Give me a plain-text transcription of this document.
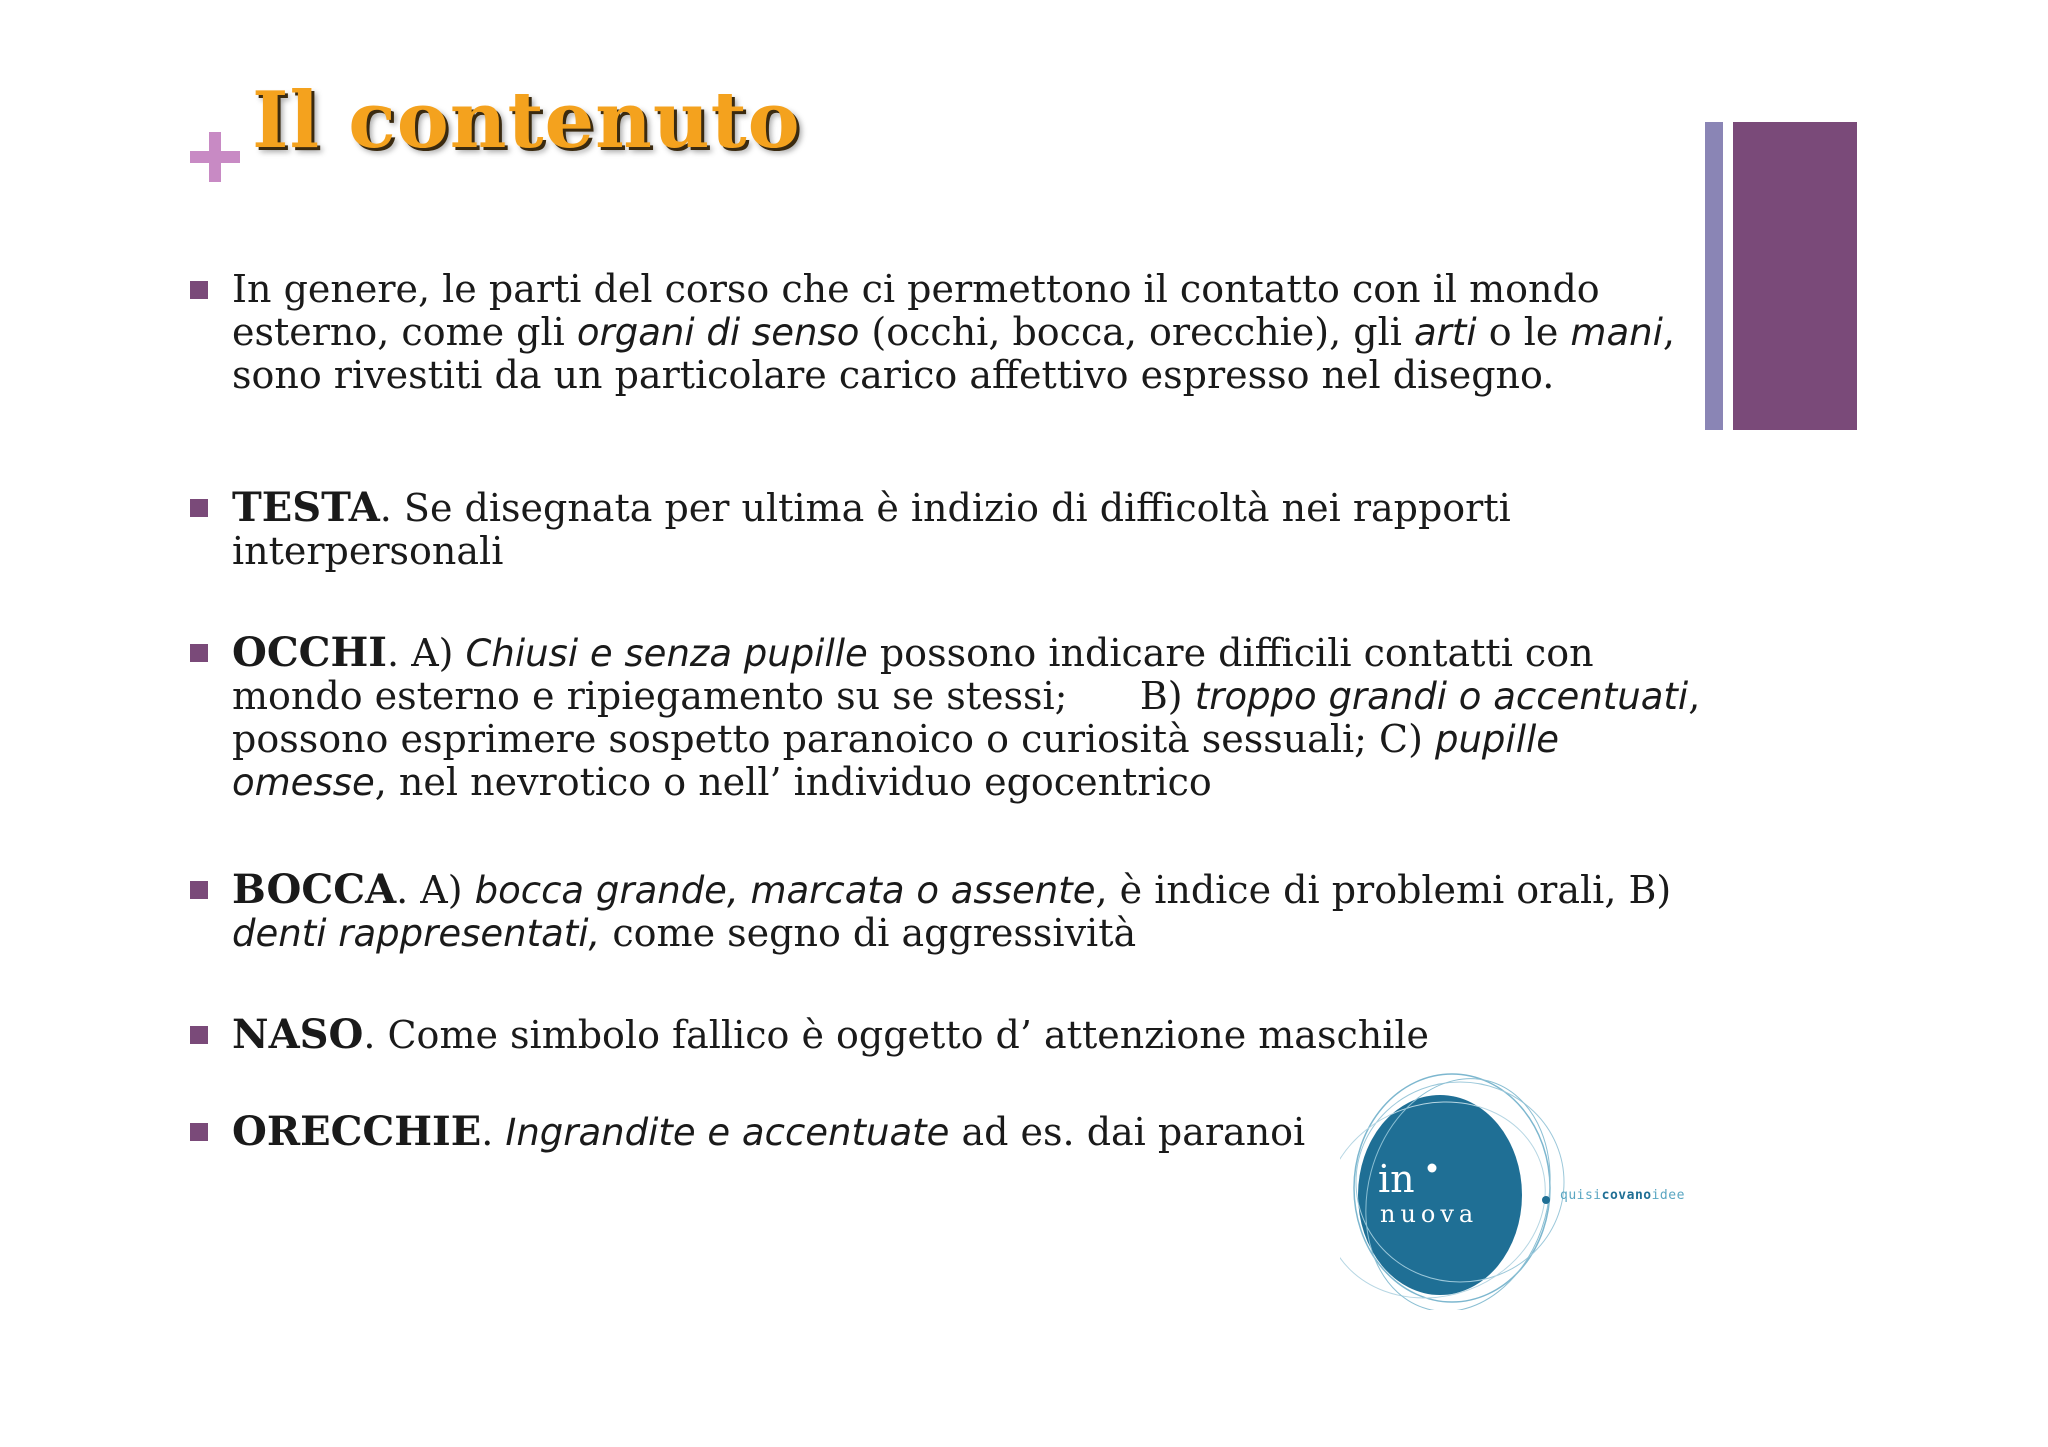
Il contenuto
In genere, le parti del corso che ci permettono il contatto con il mondo esterno, come gli organi di senso (occhi, bocca, orecchie), gli arti o le mani, sono rivestiti da un particolare carico affettivo espresso nel disegno.
TESTA. Se disegnata per ultima è indizio di difficoltà nei rapporti interpersonali
OCCHI. A) Chiusi e senza pupille possono indicare difficili contatti con mondo esterno e ripiegamento su se stessi;      B) troppo grandi o accentuati, possono esprimere sospetto paranoico o curiosità sessuali; C) pupille omesse, nel nevrotico o nell’ individuo egocentrico
BOCCA. A) bocca grande, marcata o assente, è indice di problemi orali, B) denti rappresentati, come segno di aggressività
NASO. Come simbolo fallico è oggetto d’ attenzione maschile
ORECCHIE. Ingrandite e accentuate ad es. dai paranoi
in
nuova
quisicovanoidee
